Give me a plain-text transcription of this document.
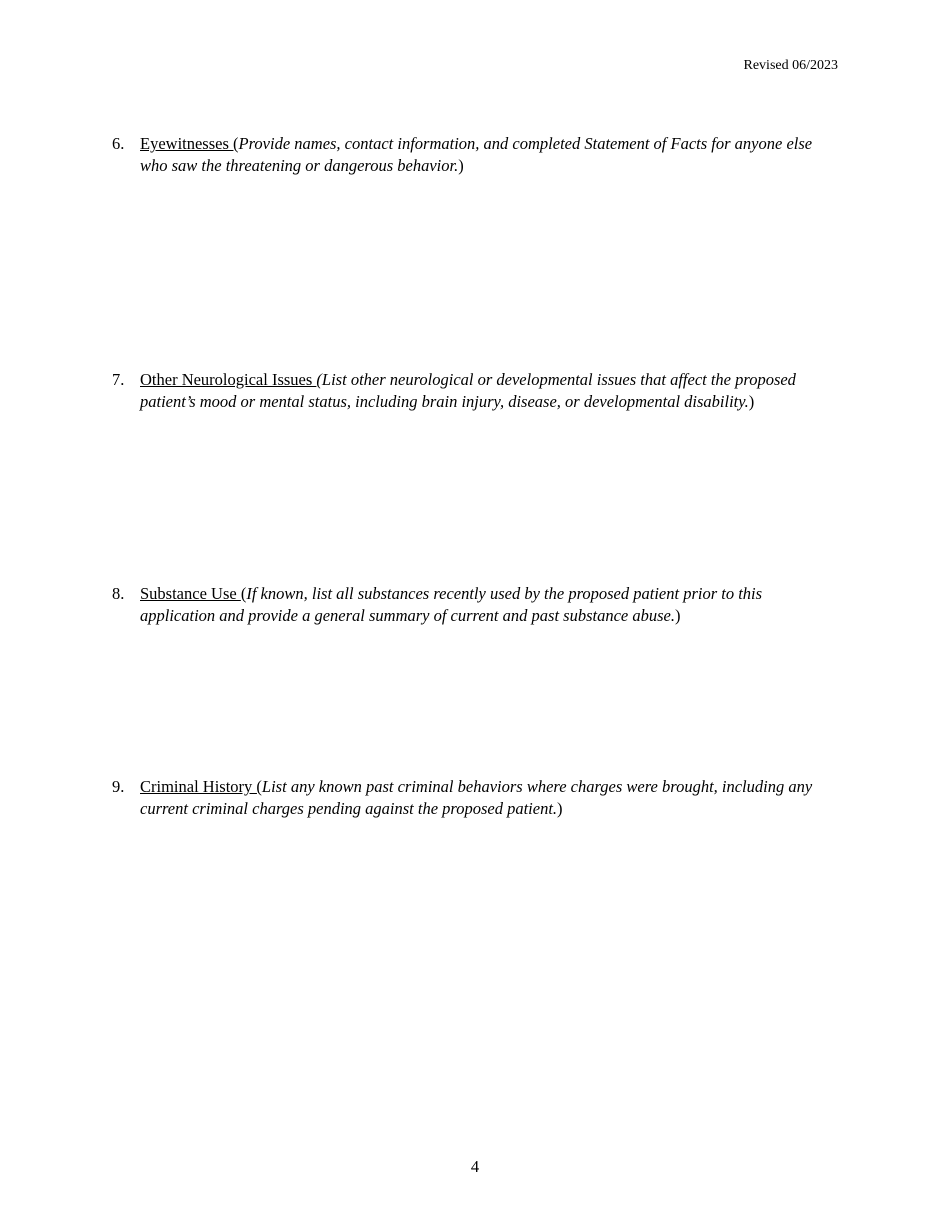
Revised 06/2023
6. Eyewitnesses (Provide names, contact information, and completed Statement of Facts for anyone else who saw the threatening or dangerous behavior.)
7. Other Neurological Issues (List other neurological or developmental issues that affect the proposed patient’s mood or mental status, including brain injury, disease, or developmental disability.)
8. Substance Use (If known, list all substances recently used by the proposed patient prior to this application and provide a general summary of current and past substance abuse.)
9. Criminal History (List any known past criminal behaviors where charges were brought, including any current criminal charges pending against the proposed patient.)
4
